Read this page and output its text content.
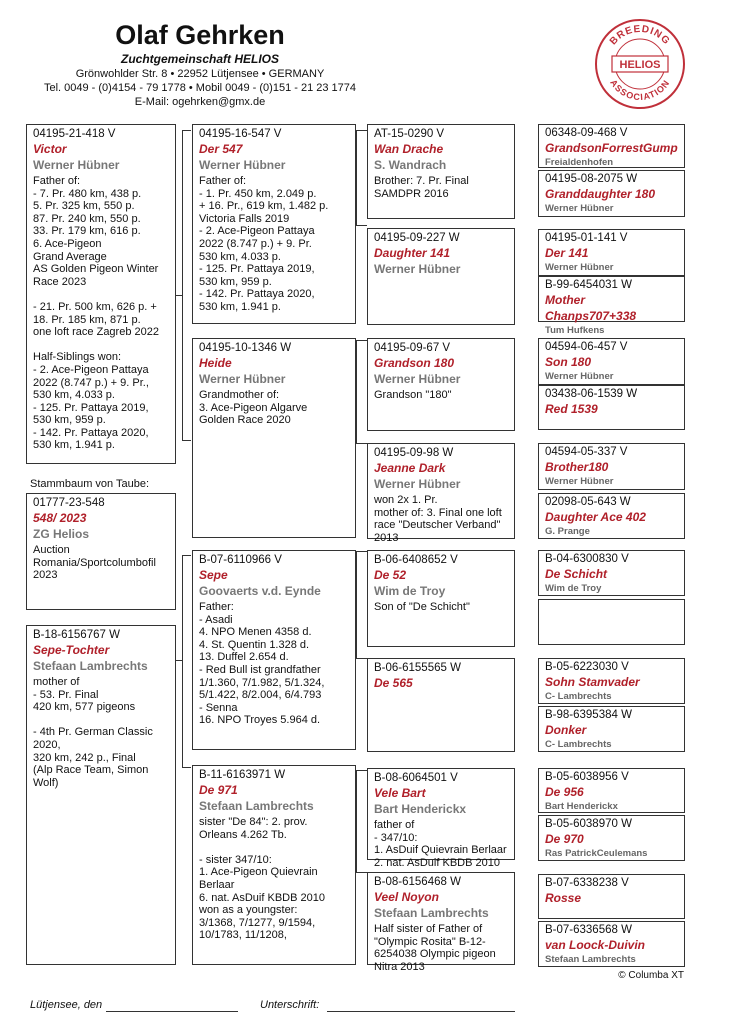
Olaf Gehrken
Zuchtgemeinschaft HELIOS
Grönwohlder Str. 8 • 22952 Lütjensee • GERMANY
Tel. 0049 - (0)4154 - 79 1778 • Mobil 0049 - (0)151 - 21 23 1774
E-Mail: ogehrken@gmx.de
BREEDING
ASSOCIATION
HELIOS
Stammbaum von Taube:
01777-23-548
548/ 2023
ZG Helios
Auction
Romania/Sportcolumbofil
2023
04195-21-418 V
Victor
Werner Hübner
Father of:
- 7. Pr. 480 km, 438 p.
5. Pr. 325 km, 550 p.
87. Pr. 240 km, 550 p.
33. Pr. 179 km, 616 p.
6. Ace-Pigeon
Grand Average
AS Golden Pigeon Winter
Race 2023

- 21. Pr. 500 km, 626 p. +
18. Pr. 185 km, 871 p.
one loft race Zagreb 2022

Half-Siblings won:
- 2. Ace-Pigeon Pattaya
2022 (8.747 p.) + 9. Pr.,
530 km, 4.033 p.
- 125. Pr. Pattaya 2019,
530 km, 959 p.
- 142. Pr. Pattaya 2020,
530 km, 1.941 p.
B-18-6156767 W
Sepe-Tochter
Stefaan Lambrechts
mother of
- 53. Pr. Final
420 km, 577 pigeons

- 4th Pr. German Classic
2020,
320 km, 242 p., Final
(Alp Race Team, Simon
Wolf)
04195-16-547 V
Der 547
Werner Hübner
Father of:
- 1. Pr. 450 km, 2.049 p.
+ 16. Pr., 619 km, 1.482 p.
Victoria Falls 2019
- 2. Ace-Pigeon Pattaya
2022 (8.747 p.) + 9. Pr.
530 km, 4.033 p.
- 125. Pr. Pattaya 2019,
530 km, 959 p.
- 142. Pr. Pattaya 2020,
530 km, 1.941 p.
04195-10-1346 W
Heide
Werner Hübner
Grandmother of:
3. Ace-Pigeon Algarve
Golden Race 2020
B-07-6110966 V
Sepe
Goovaerts v.d. Eynde
Father:
- Asadi
4. NPO Menen 4358 d.
4. St. Quentin 1.328 d.
13. Duffel 2.654 d.
- Red Bull ist grandfather
1/1.360, 7/1.982, 5/1.324,
5/1.422, 8/2.004, 6/4.793
- Senna
16. NPO Troyes 5.964 d.
B-11-6163971 W
De 971
Stefaan Lambrechts
sister "De 84": 2. prov.
Orleans 4.262 Tb.

- sister 347/10:
1. Ace-Pigeon Quievrain
Berlaar
6. nat. AsDuif KBDB 2010
won as a youngster:
3/1368, 7/1277, 9/1594,
10/1783, 11/1208,
AT-15-0290 V
Wan Drache
S. Wandrach
Brother: 7. Pr. Final
SAMDPR 2016
04195-09-227 W
Daughter 141
Werner Hübner
04195-09-67 V
Grandson 180
Werner Hübner
Grandson "180"
04195-09-98 W
Jeanne Dark
Werner Hübner
won 2x 1. Pr.
mother of: 3. Final one loft
race "Deutscher Verband"
2013
B-06-6408652 V
De 52
Wim de Troy
Son of "De Schicht"
B-06-6155565 W
De 565
B-08-6064501 V
Vele Bart
Bart Henderickx
father of
- 347/10:
1. AsDuif Quievrain Berlaar
2. nat. AsDuif KBDB 2010
B-08-6156468 W
Veel Noyon
Stefaan Lambrechts
Half sister of Father of
"Olympic Rosita" B-12-
6254038 Olympic pigeon
Nitra 2013
06348-09-468 V
GrandsonForrestGump
Freialdenhofen
04195-08-2075 W
Granddaughter 180
Werner Hübner
04195-01-141 V
Der 141
Werner Hübner
B-99-6454031 W
Mother Chanps707+338
Tum Hufkens
04594-06-457 V
Son 180
Werner Hübner
03438-06-1539 W
Red 1539
04594-05-337 V
Brother180
Werner Hübner
02098-05-643 W
Daughter Ace 402
G. Prange
B-04-6300830 V
De Schicht
Wim de Troy
B-05-6223030 V
Sohn Stamvader
C- Lambrechts
B-98-6395384 W
Donker
C- Lambrechts
B-05-6038956 V
De 956
Bart Henderickx
B-05-6038970 W
De 970
Ras PatrickCeulemans
B-07-6338238 V
Rosse
B-07-6336568 W
van Loock-Duivin
Stefaan Lambrechts
© Columba XT
Lütjensee, den	Unterschrift:
